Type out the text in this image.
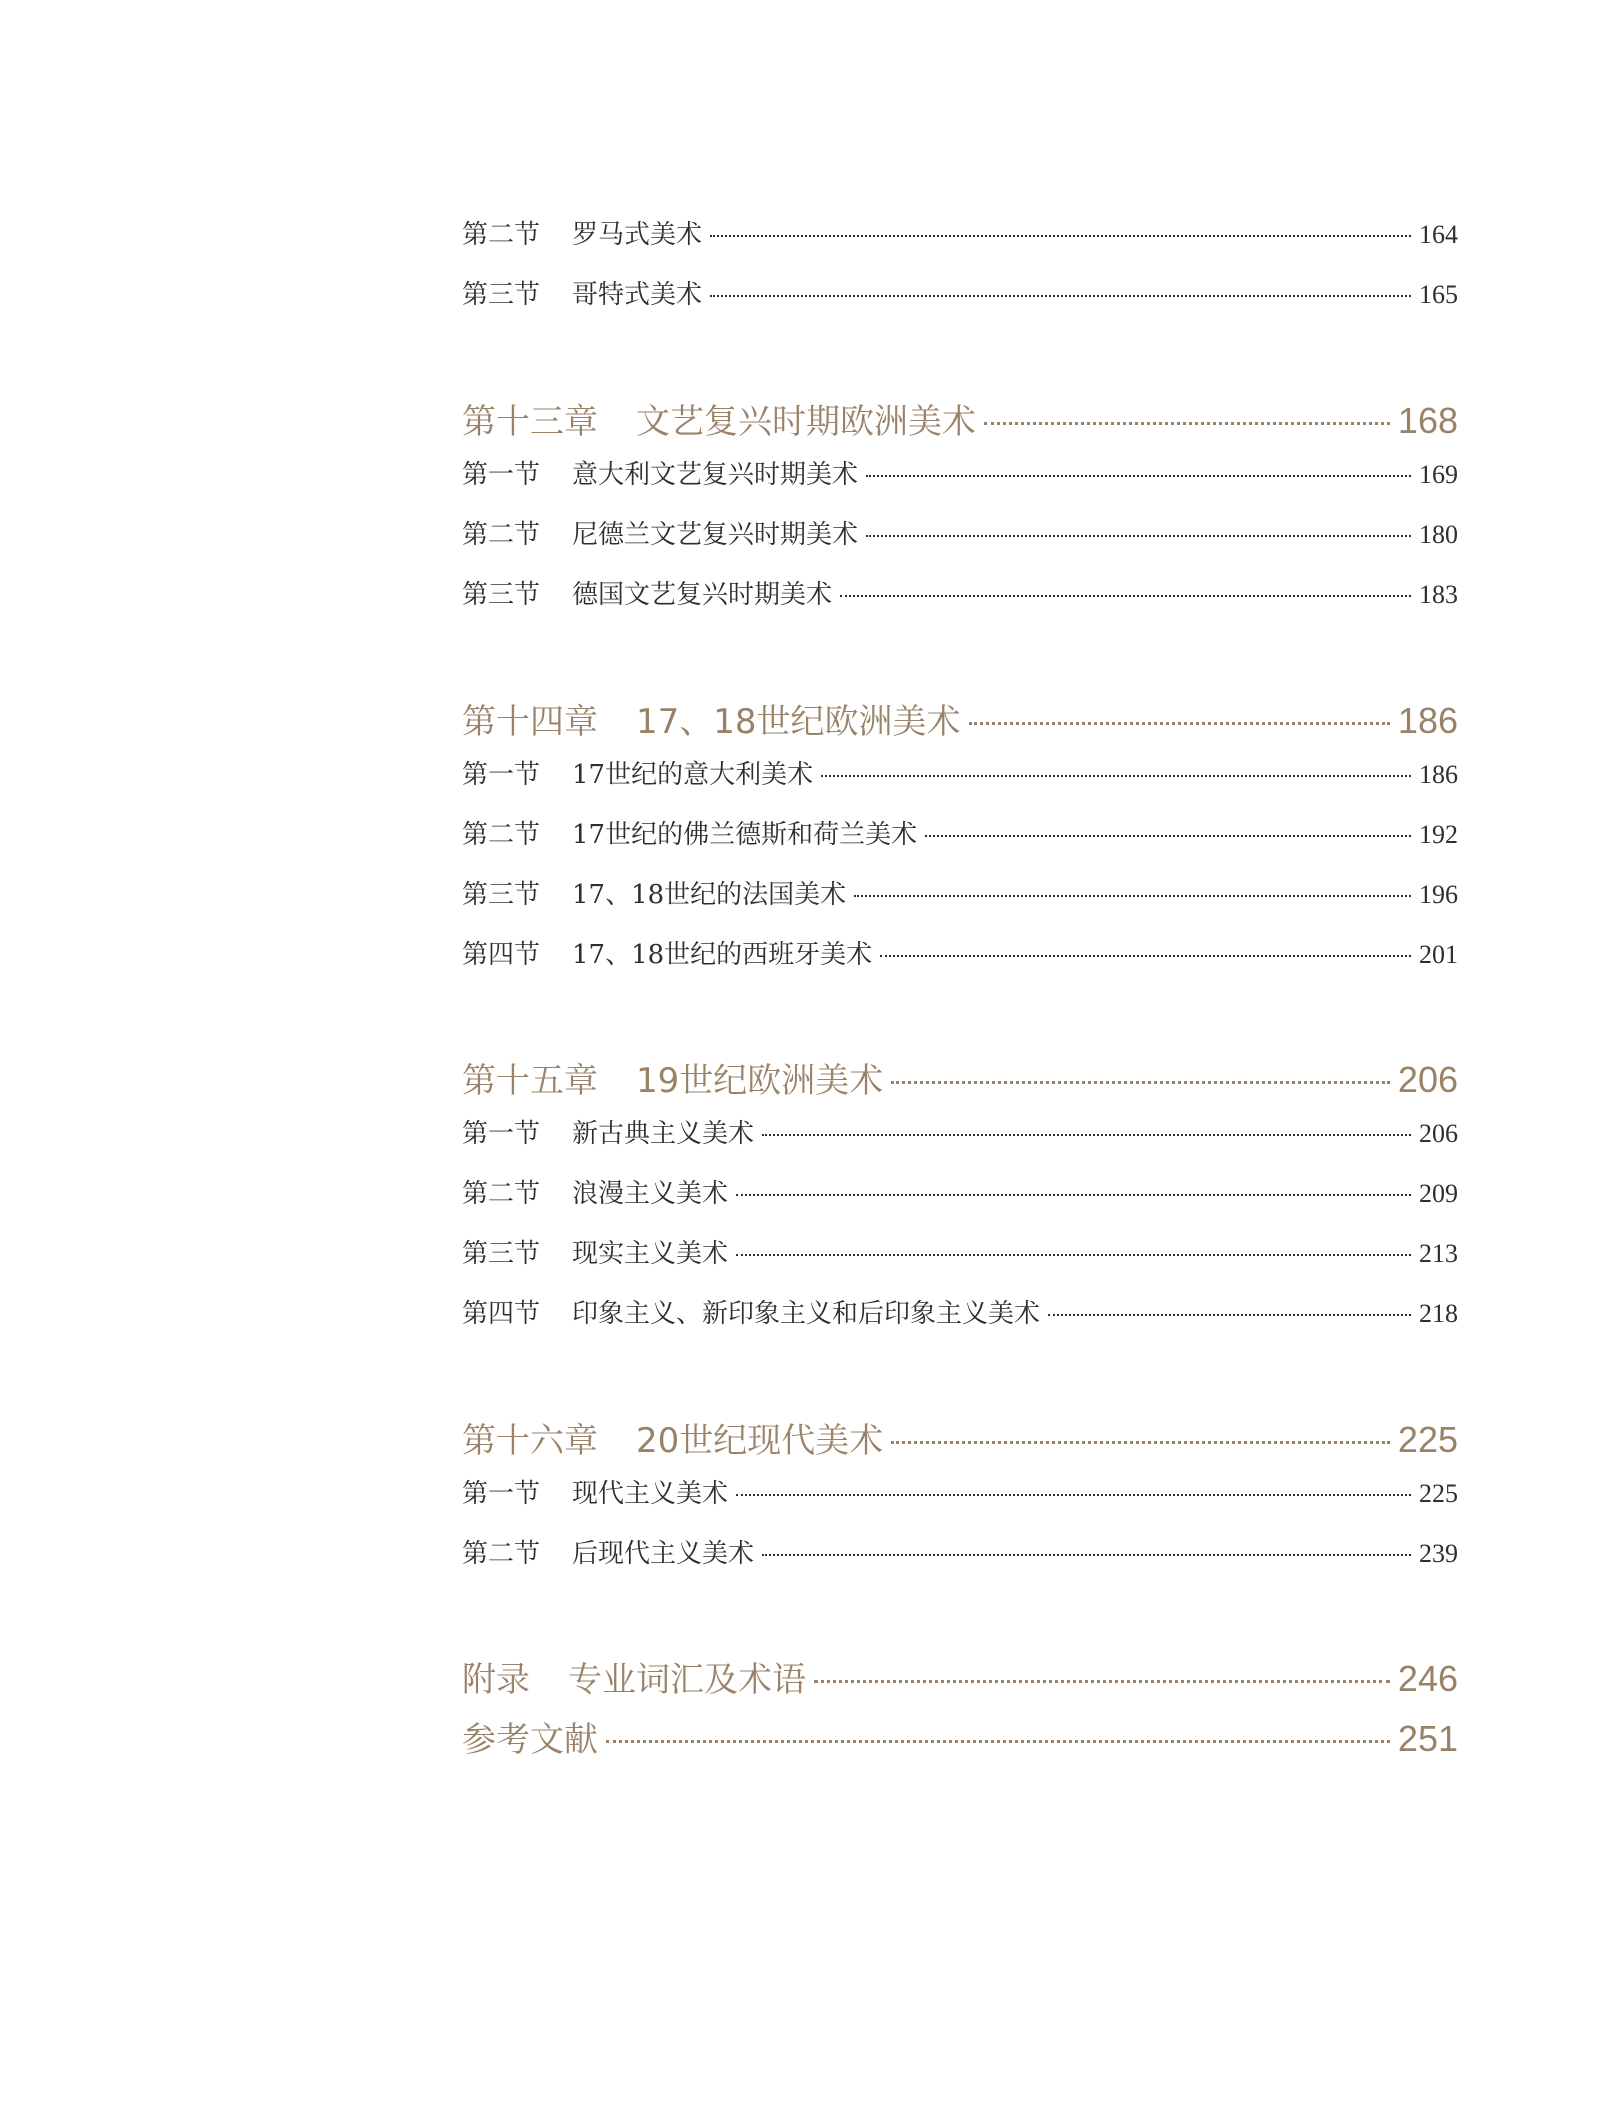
第二节	罗马式美术	164
第三节	哥特式美术	165
第十三章 文艺复兴时期欧洲美术	168
第一节	意大利文艺复兴时期美术	169
第二节	尼德兰文艺复兴时期美术	180
第三节	德国文艺复兴时期美术	183
第十四章 17、18世纪欧洲美术	186
第一节	17世纪的意大利美术	186
第二节	17世纪的佛兰德斯和荷兰美术	192
第三节	17、18世纪的法国美术	196
第四节	17、18世纪的西班牙美术	201
第十五章 19世纪欧洲美术	206
第一节	新古典主义美术	206
第二节	浪漫主义美术	209
第三节	现实主义美术	213
第四节	印象主义、新印象主义和后印象主义美术	218
第十六章 20世纪现代美术	225
第一节	现代主义美术	225
第二节	后现代主义美术	239
附录 专业词汇及术语	246
参考文献	251
